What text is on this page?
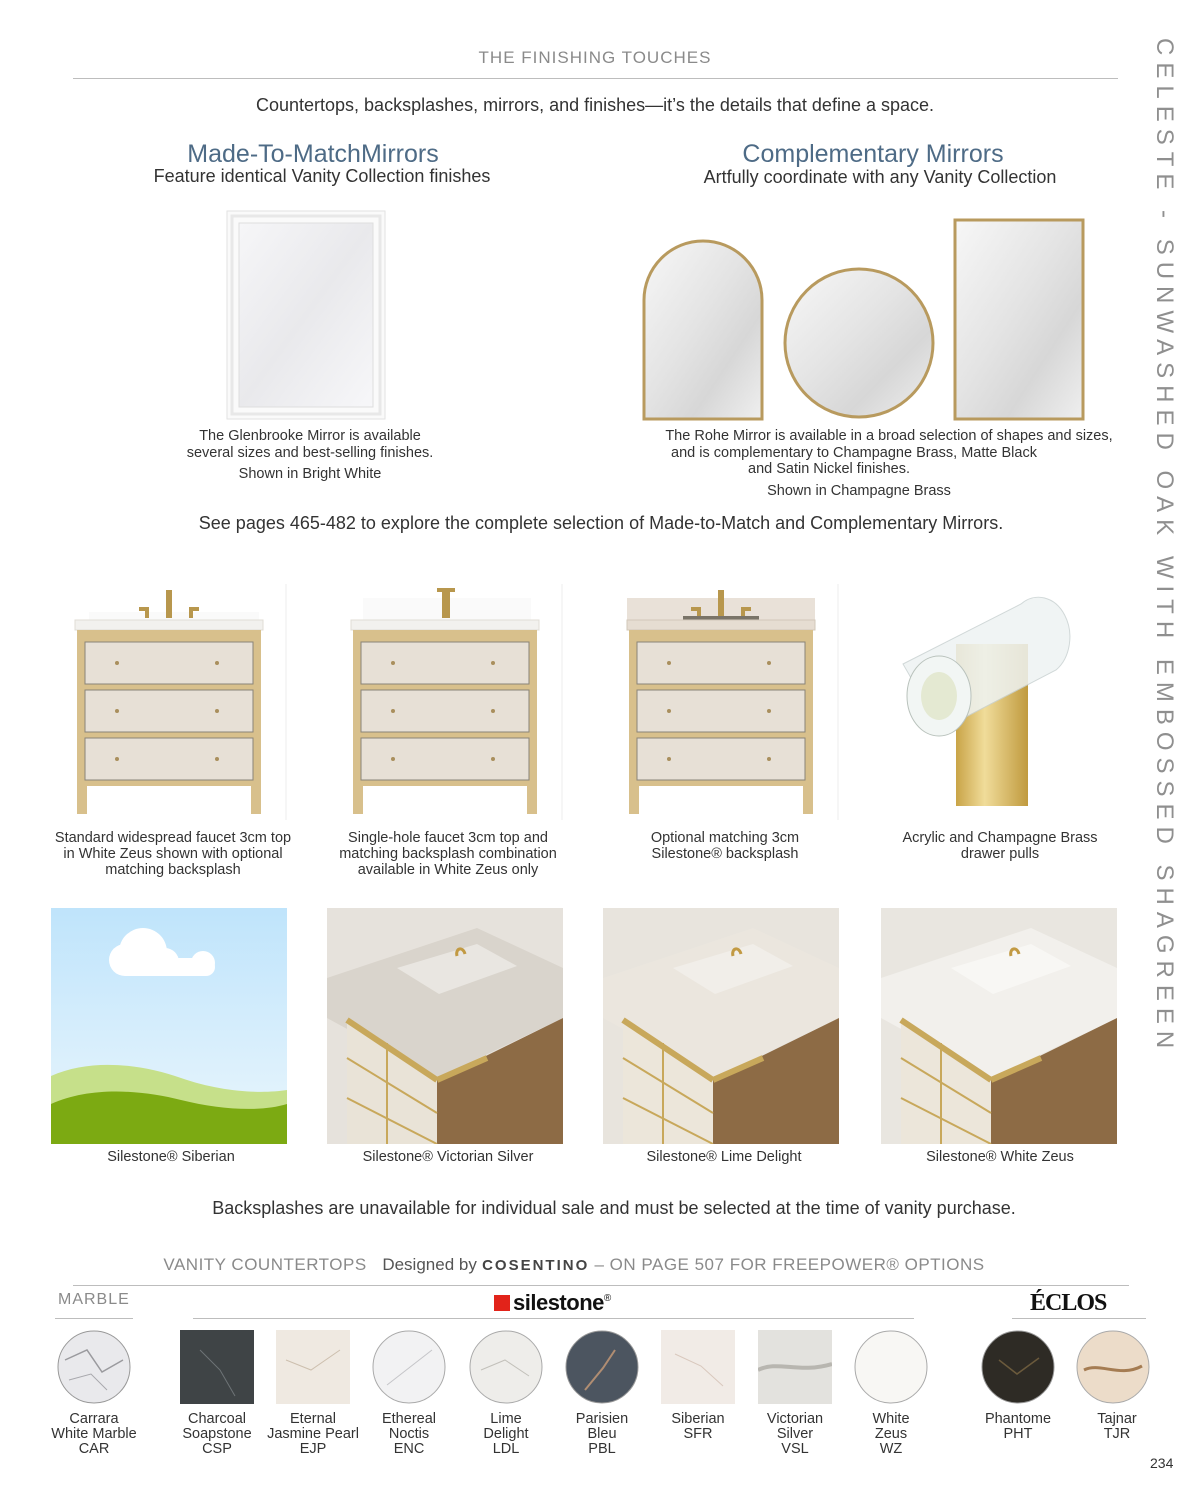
THE FINISHING TOUCHES
Countertops, backsplashes, mirrors, and finishes—it’s the details that define a space.	CELESTE - SUNWASHED OAK WITH EMBOSSED SHAGREEN
Made-To-MatchMirrors
Feature identical Vanity Collection finishes
The Glenbrooke Mirror is available
several sizes and best-selling finishes.
Shown in Bright White
Complementary Mirrors
Artfully coordinate with any Vanity Collection
The Rohe Mirror is available in a broad selection of shapes and sizes,
and is complementary to Champagne Brass, Matte Black
and Satin Nickel finishes.
Shown in Champagne Brass
See pages 465-482 to explore the complete selection of Made-to-Match and Complementary Mirrors.
Standard widespread faucet 3cm top
in White Zeus shown with optional
matching backsplash
Single-hole faucet 3cm top and
matching backsplash combination
available in White Zeus only
Optional matching 3cm
Silestone® backsplash
Acrylic and Champagne Brass
drawer pulls
Silestone® Siberian	Silestone® Victorian Silver	Silestone® Lime Delight	Silestone® White Zeus
Backsplashes are unavailable for individual sale and must be selected at the time of vanity purchase.
VANITY COUNTERTOPS Designed by COSENTINO – ON PAGE 507 FOR FREEPOWER® OPTIONS
MARBLE	silestone ®	ÉCLOS
Carrara
White Marble
CAR
Charcoal
Soapstone
CSP
Eternal
Jasmine Pearl
EJP
Ethereal
Noctis
ENC
Lime
Delight
LDL
Parisien
Bleu
PBL
Siberian
SFR
Victorian
Silver
VSL
White
Zeus
WZ
Phantome
PHT
Tajnar
TJR
234
